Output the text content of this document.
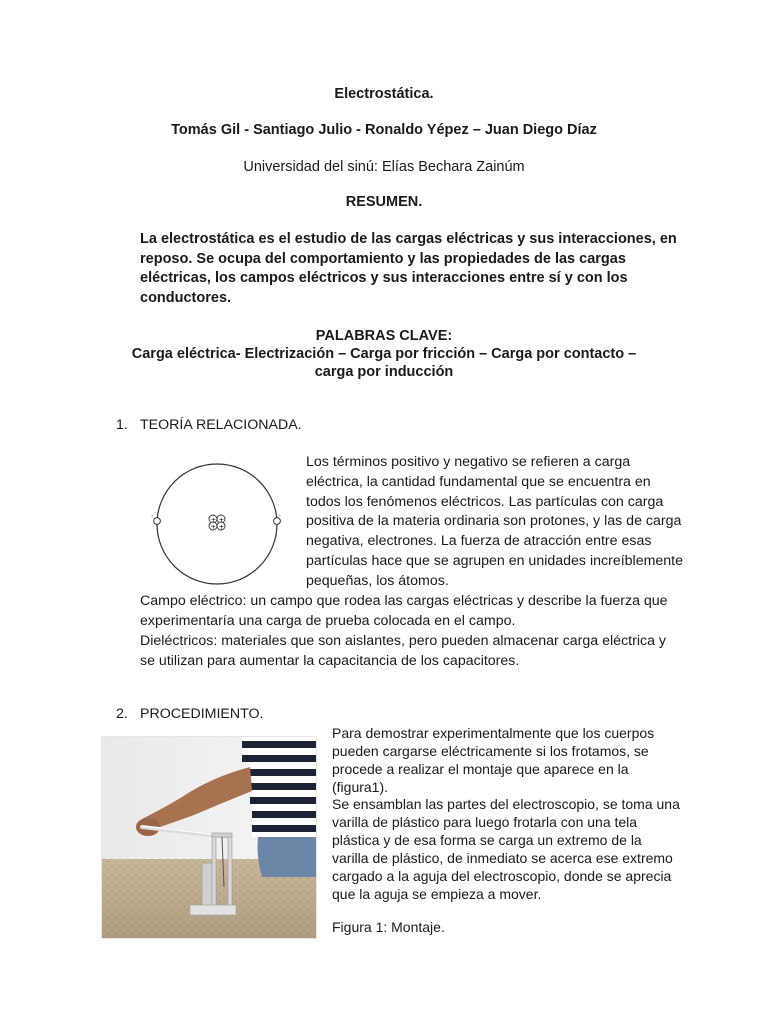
Electrostática.
Tomás Gil - Santiago Julio - Ronaldo Yépez – Juan Diego Díaz
Universidad del sinú: Elías Bechara Zainúm
RESUMEN.
La electrostática es el estudio de las cargas eléctricas y sus interacciones, en reposo. Se ocupa del comportamiento y las propiedades de las cargas eléctricas, los campos eléctricos y sus interacciones entre sí y con los conductores.
PALABRAS CLAVE:
Carga eléctrica- Electrización – Carga por fricción – Carga por contacto –
carga por inducción
1. TEORÍA RELACIONADA.
-	-
+ +
+ +
Los términos positivo y negativo se refieren a carga eléctrica, la cantidad fundamental que se encuentra en todos los fenómenos eléctricos. Las partículas con carga positiva de la materia ordinaria son protones, y las de carga negativa, electrones. La fuerza de atracción entre esas partículas hace que se agrupen en unidades increíblemente pequeñas, los átomos.
Campo eléctrico: un campo que rodea las cargas eléctricas y describe la fuerza que experimentaría una carga de prueba colocada en el campo.
Dieléctricos: materiales que son aislantes, pero pueden almacenar carga eléctrica y se utilizan para aumentar la capacitancia de los capacitores.
2. PROCEDIMIENTO.
Para demostrar experimentalmente que los cuerpos pueden cargarse eléctricamente si los frotamos, se procede a realizar el montaje que aparece en la (figura1).
Se ensamblan las partes del electroscopio, se toma una varilla de plástico para luego frotarla con una tela plástica y de esa forma se carga un extremo de la varilla de plástico, de inmediato se acerca ese extremo cargado a la aguja del electroscopio, donde se aprecia que la aguja se empieza a mover.
Figura 1: Montaje.
